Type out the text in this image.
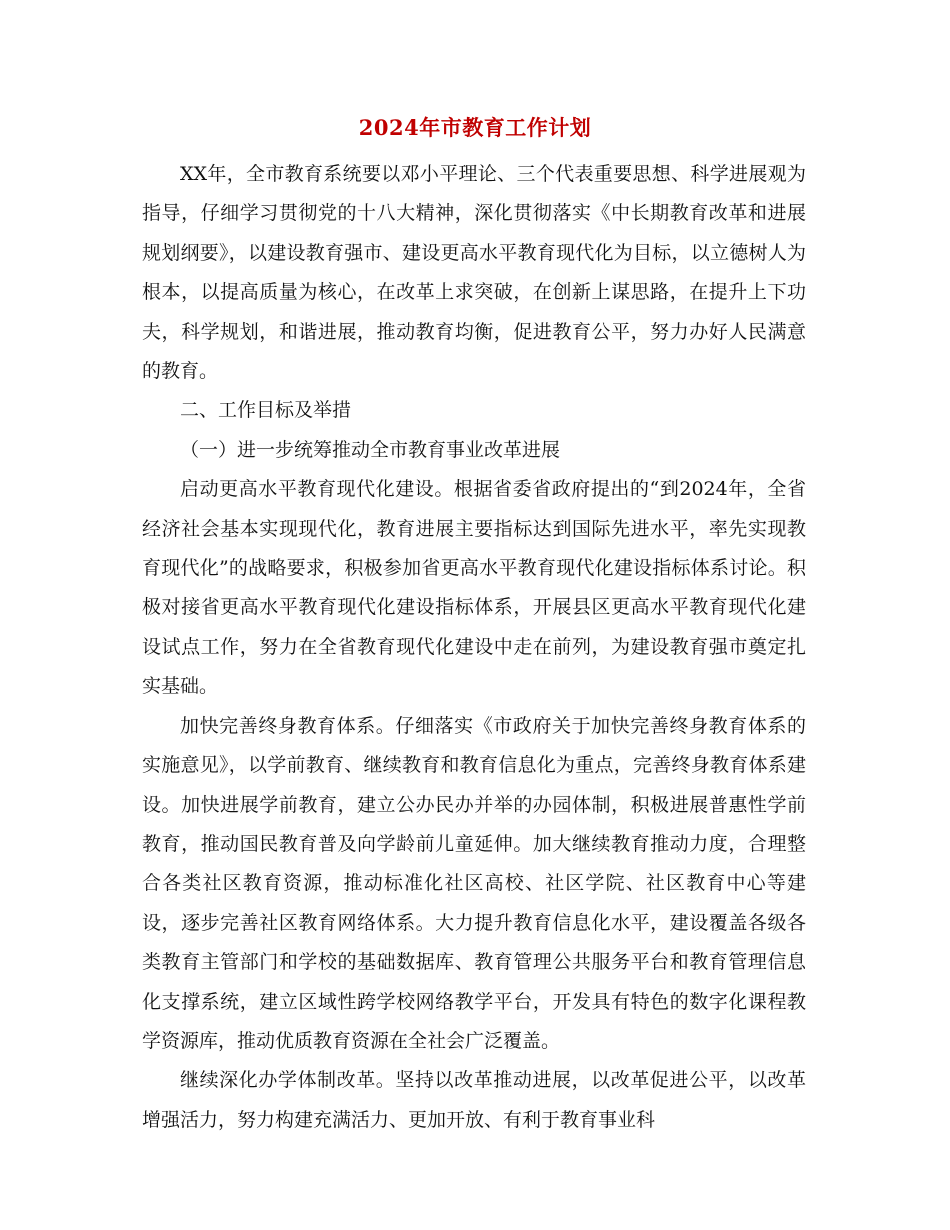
2024年市教育工作计划

XX年，全市教育系统要以邓小平理论、三个代表重要思想、科学进展观为指导，仔细学习贯彻党的十八大精神，深化贯彻落实《中长期教育改革和进展规划纲要》，以建设教育强市、建设更高水平教育现代化为目标，以立德树人为根本，以提高质量为核心，在改革上求突破，在创新上谋思路，在提升上下功夫，科学规划，和谐进展，推动教育均衡，促进教育公平，努力办好人民满意的教育。

二、工作目标及举措

（一）进一步统筹推动全市教育事业改革进展

启动更高水平教育现代化建设。根据省委省政府提出的“到2024年，全省经济社会基本实现现代化，教育进展主要指标达到国际先进水平，率先实现教育现代化”的战略要求，积极参加省更高水平教育现代化建设指标体系讨论。积极对接省更高水平教育现代化建设指标体系，开展县区更高水平教育现代化建设试点工作，努力在全省教育现代化建设中走在前列，为建设教育强市奠定扎实基础。

加快完善终身教育体系。仔细落实《市政府关于加快完善终身教育体系的实施意见》，以学前教育、继续教育和教育信息化为重点，完善终身教育体系建设。加快进展学前教育，建立公办民办并举的办园体制，积极进展普惠性学前教育，推动国民教育普及向学龄前儿童延伸。加大继续教育推动力度，合理整合各类社区教育资源，推动标准化社区高校、社区学院、社区教育中心等建设，逐步完善社区教育网络体系。大力提升教育信息化水平，建设覆盖各级各类教育主管部门和学校的基础数据库、教育管理公共服务平台和教育管理信息化支撑系统，建立区域性跨学校网络教学平台，开发具有特色的数字化课程教学资源库，推动优质教育资源在全社会广泛覆盖。

继续深化办学体制改革。坚持以改革推动进展，以改革促进公平，以改革增强活力，努力构建充满活力、更加开放、有利于教育事业科
